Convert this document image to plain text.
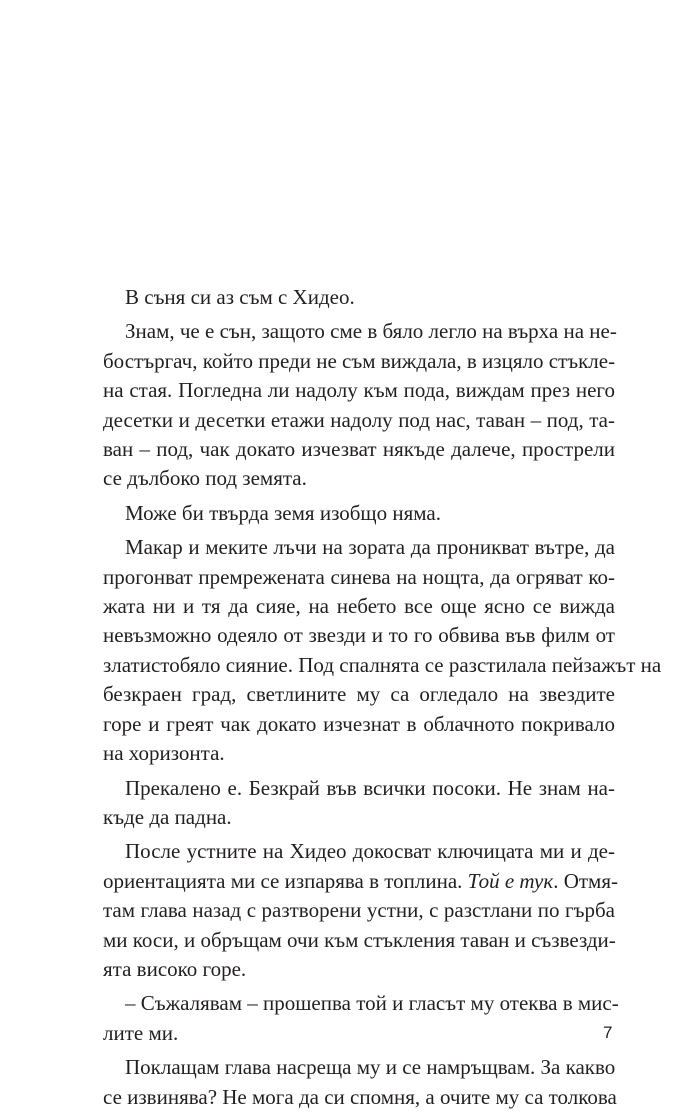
В съня си аз съм с Хидео.

Знам, че е сън, защото сме в бяло легло на върха на не-
бостъргач, който преди не съм виждала, в изцяло стъкле-
на стая. Погледна ли надолу към пода, виждам през него
десетки и десетки етажи надолу под нас, таван – под, та-
ван – под, чак докато изчезват някъде далече, прострели
се дълбоко под земята.

Може би твърда земя изобщо няма.

Макар и меките лъчи на зората да проникват вътре, да
прогонват премрежената синева на нощта, да огряват ко-
жата ни и тя да сияе, на небето все още ясно се вижда
невъзможно одеяло от звезди и то го обвива във филм от
златистобяло сияние. Под спалнята се разстилала пейзажът на
безкраен град, светлините му са огледало на звездите
горе и греят чак докато изчезнат в облачното покривало
на хоризонта.

Прекалено е. Безкрай във всички посоки. Не знам на-
къде да падна.

После устните на Хидео докосват ключицата ми и де-
ориентацията ми се изпарява в топлина. Той е тук. Отмя-
там глава назад с разтворени устни, с разстлани по гърба
ми коси, и обръщам очи към стъкления таван и съзвезди-
ята високо горе.

– Съжалявам – прошепва той и гласът му отеква в мис-
лите ми.

Поклащам глава насреща му и се намръщвам. За какво
се извинява? Не мога да си спомня, а очите му са толкова

7
